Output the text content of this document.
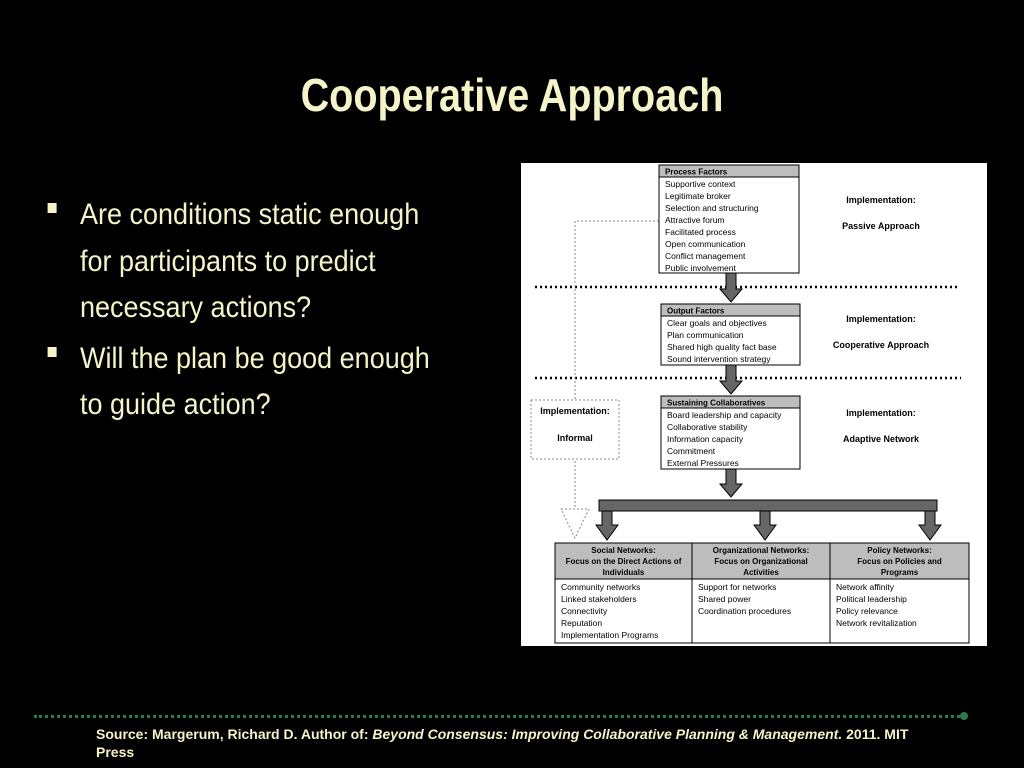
Cooperative Approach
Are conditions static enough for participants to predict necessary actions?
Will the plan be good enough to guide action?
Process Factors
Supportive context
Legitimate broker
Selection and structuring
Attractive forum
Facilitated process
Open communication
Conflict management
Public involvement
Implementation:
Passive Approach
Output Factors
Clear goals and objectives
Plan communication
Shared high quality fact base
Sound intervention strategy
Implementation:
Cooperative Approach
Sustaining Collaboratives
Board leadership and capacity
Collaborative stability
Information capacity
Commitment
External Pressures
Implementation:
Adaptive Network
Implementation:
Informal
Social Networks:
Focus on the Direct Actions of
Individuals
Community networks
Linked stakeholders
Connectivity
Reputation
Implementation Programs
Organizational Networks:
Focus on Organizational
Activities
Support for networks
Shared power
Coordination procedures
Policy Networks:
Focus on Policies and
Programs
Network affinity
Political leadership
Policy relevance
Network revitalization
Source: Margerum, Richard D. Author of: Beyond Consensus: Improving Collaborative Planning & Management. 2011. MIT Press
